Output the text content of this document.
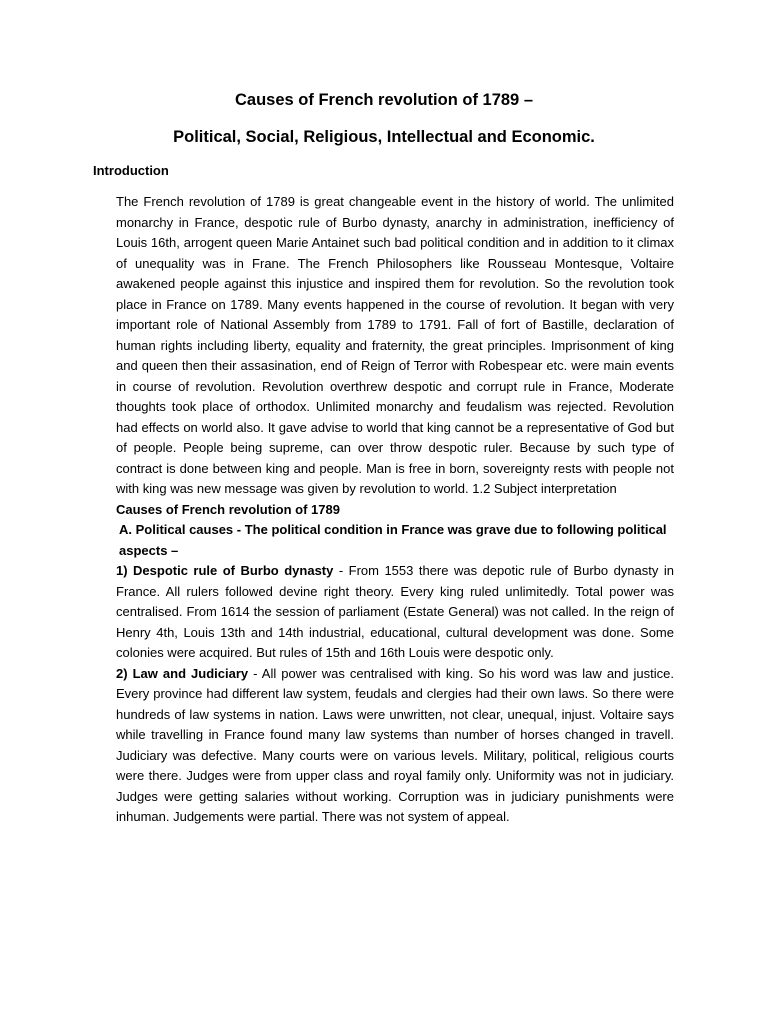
Causes of French revolution of 1789 –
Political, Social, Religious, Intellectual and Economic.
Introduction

The French revolution of 1789 is great changeable event in the history of world. The unlimited monarchy in France, despotic rule of Burbo dynasty, anarchy in administration, inefficiency of Louis 16th, arrogent queen Marie Antainet such bad political condition and in addition to it climax of unequality was in Frane. The French Philosophers like Rousseau Montesque, Voltaire awakened people against this injustice and inspired them for revolution. So the revolution took place in France on 1789. Many events happened in the course of revolution. It began with very important role of National Assembly from 1789 to 1791. Fall of fort of Bastille, declaration of human rights including liberty, equality and fraternity, the great principles. Imprisonment of king and queen then their assasination, end of Reign of Terror with Robespear etc. were main events in course of revolution. Revolution overthrew despotic and corrupt rule in France, Moderate thoughts took place of orthodox. Unlimited monarchy and feudalism was rejected. Revolution had effects on world also. It gave advise to world that king cannot be a representative of God but of people. People being supreme, can over throw despotic ruler. Because by such type of contract is done between king and people. Man is free in born, sovereignty rests with people not with king was new message was given by revolution to world. 1.2 Subject interpretation

Causes of French revolution of 1789

A. Political causes - The political condition in France was grave due to following political aspects –

1) Despotic rule of Burbo dynasty - From 1553 there was depotic rule of Burbo dynasty in France. All rulers followed devine right theory. Every king ruled unlimitedly. Total power was centralised. From 1614 the session of parliament (Estate General) was not called. In the reign of Henry 4th, Louis 13th and 14th industrial, educational, cultural development was done. Some colonies were acquired. But rules of 15th and 16th Louis were despotic only.

2) Law and Judiciary - All power was centralised with king. So his word was law and justice. Every province had different law system, feudals and clergies had their own laws. So there were hundreds of law systems in nation. Laws were unwritten, not clear, unequal, injust. Voltaire says while travelling in France found many law systems than number of horses changed in travell. Judiciary was defective. Many courts were on various levels. Military, political, religious courts were there. Judges were from upper class and royal family only. Uniformity was not in judiciary. Judges were getting salaries without working. Corruption was in judiciary punishments were inhuman. Judgements were partial. There was not system of appeal.
